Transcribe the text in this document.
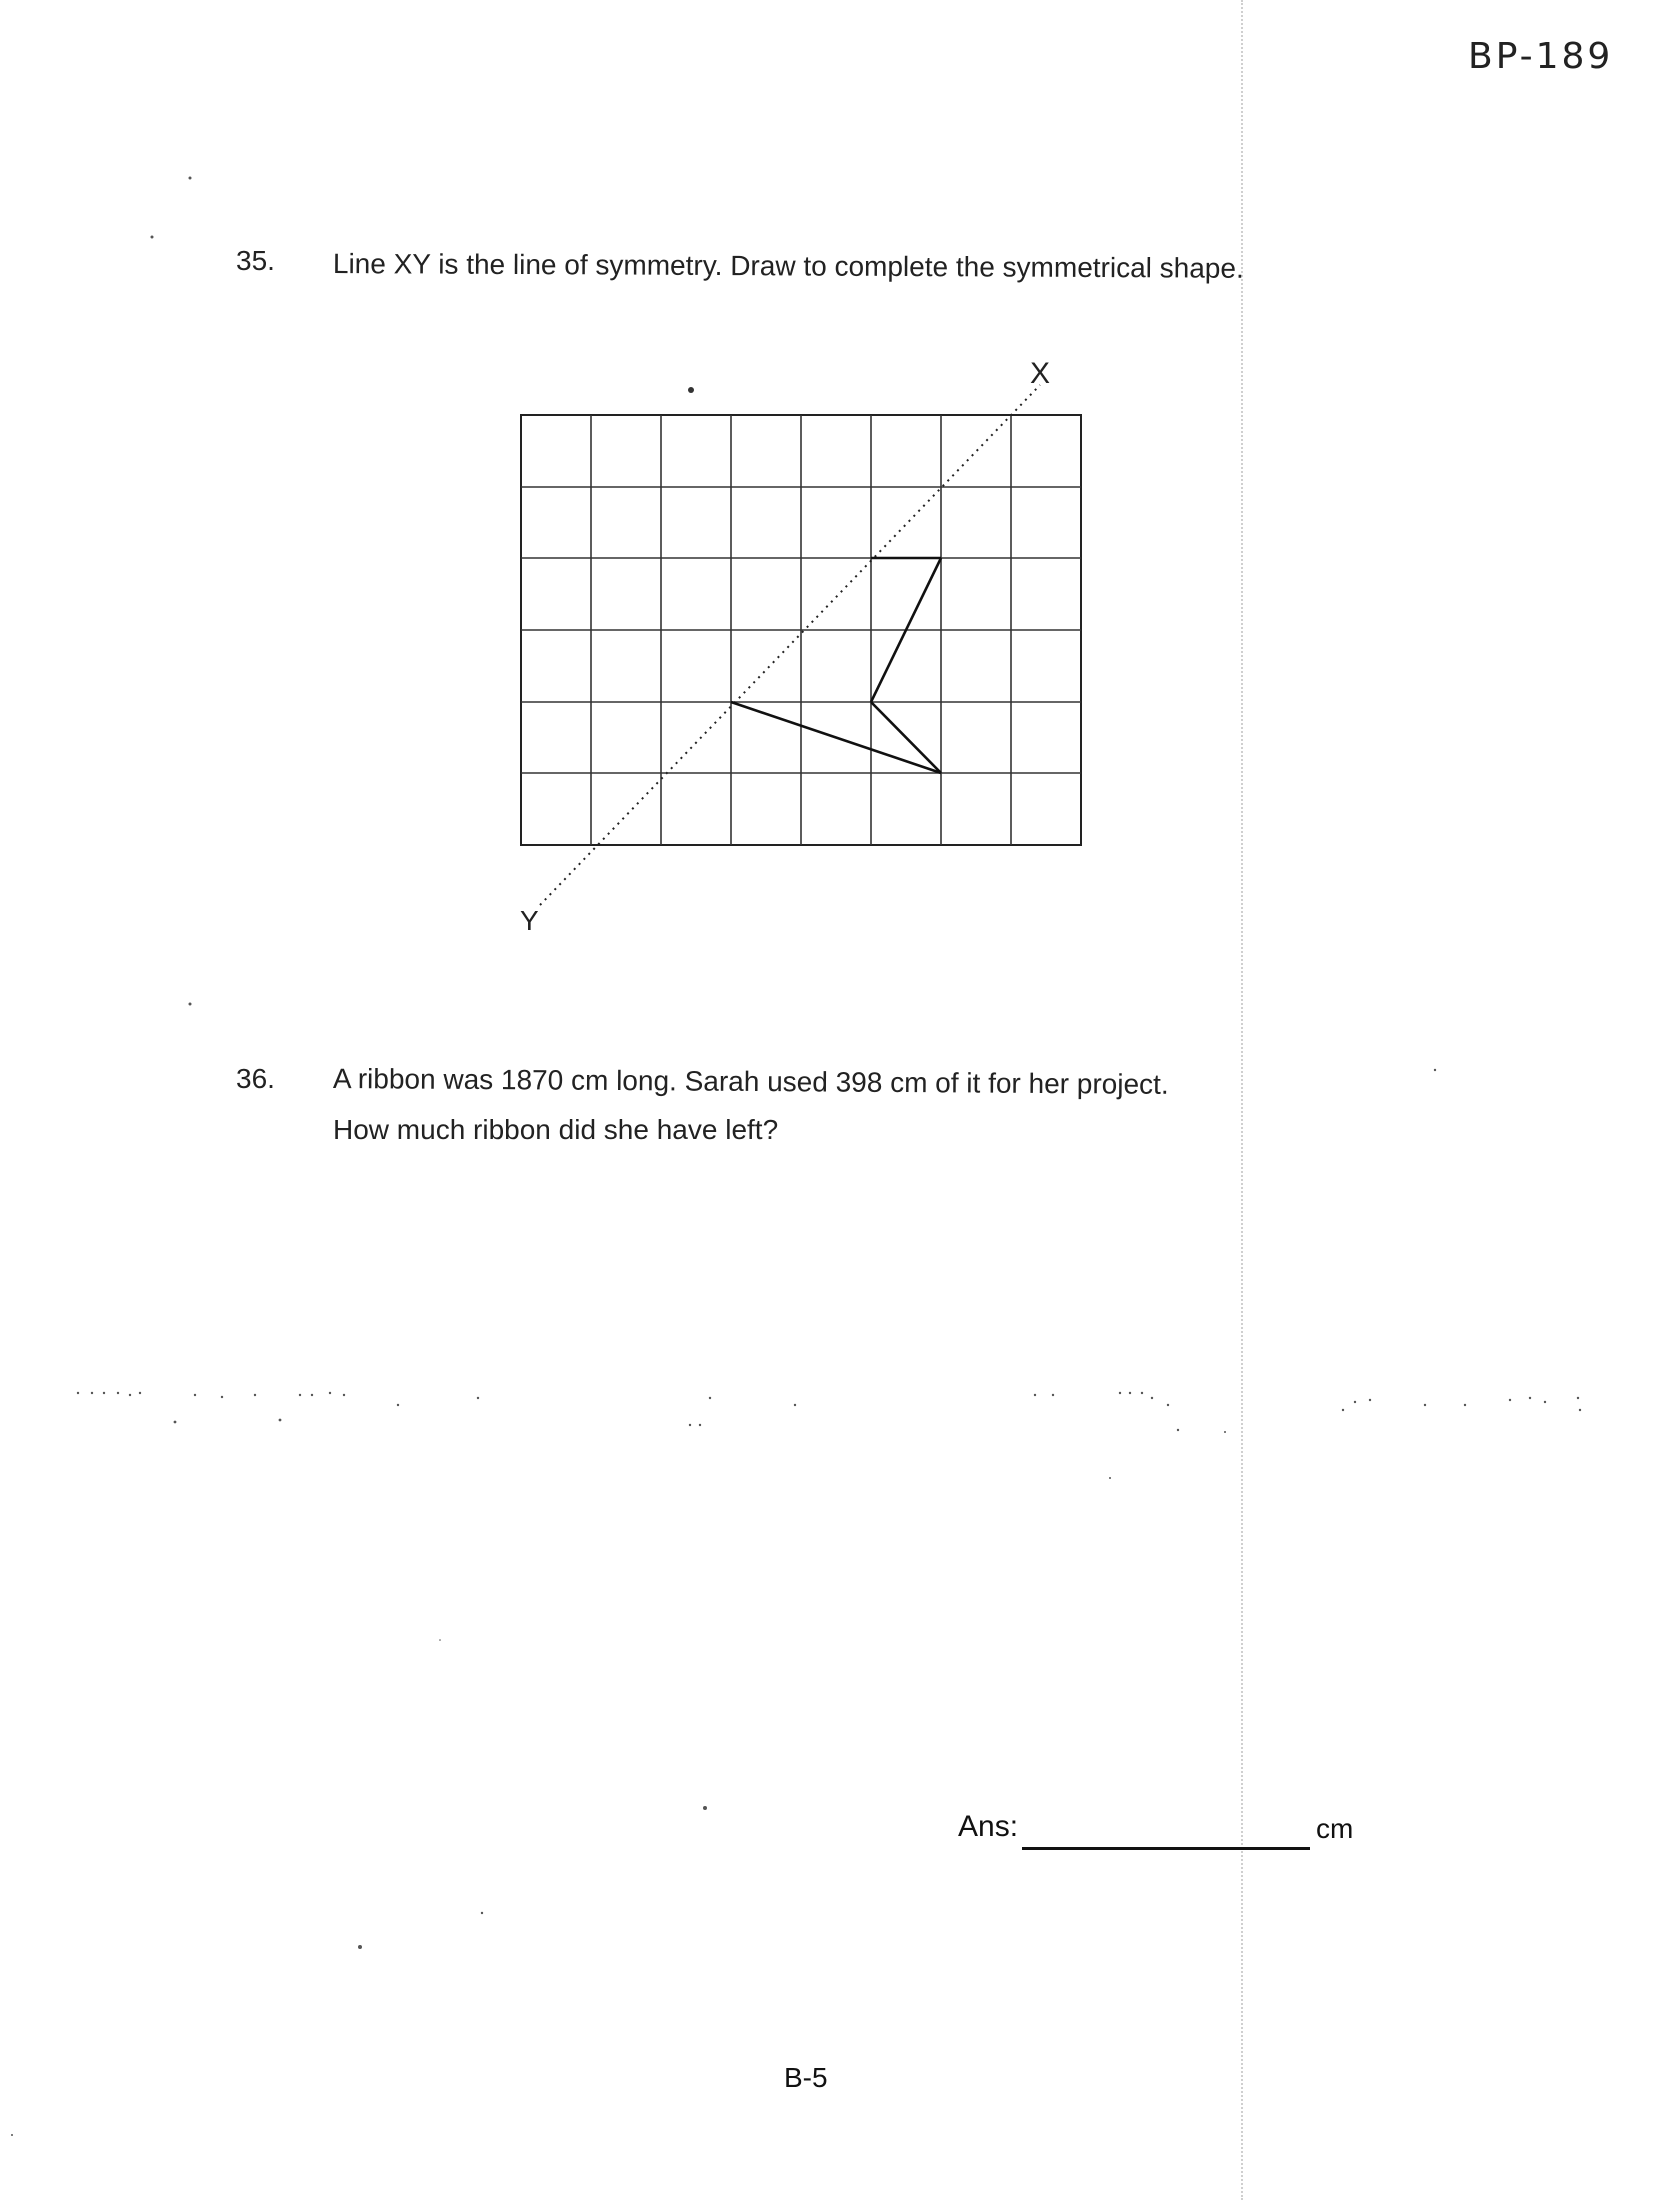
BP-189
35. Line XY is the line of symmetry. Draw to complete the symmetrical shape.
X
Y
36. A ribbon was 1870 cm long. Sarah used 398 cm of it for her project.
How much ribbon did she have left?
Ans:	cm
B-5
